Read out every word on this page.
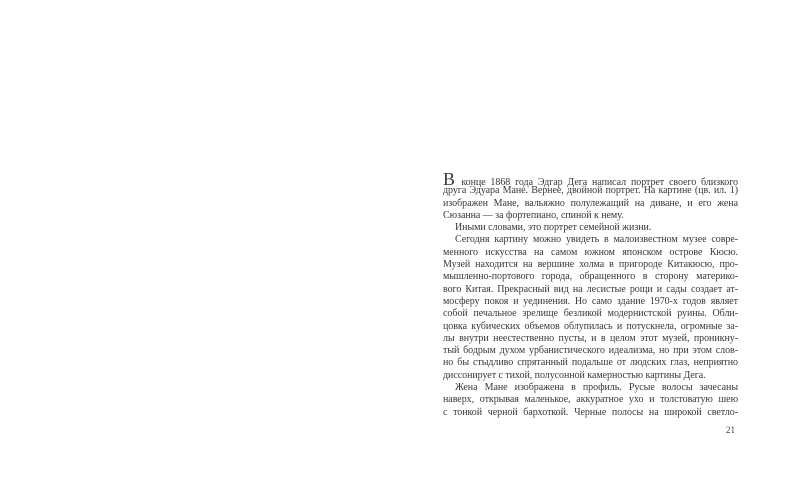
В конце 1868 года Эдгар Дега написал портрет своего близкого
друга Эдуара Мане. Вернее, двойной портрет. На картине (цв. ил. 1)
изображен Мане, вальяжно полулежащий на диване, и его жена
Сюзанна — за фортепиано, спиной к нему.
Иными словами, это портрет семейной жизни.
Сегодня картину можно увидеть в малоизвестном музее совре-
менного искусства на самом южном японском острове Кюсю.
Музей находится на вершине холма в пригороде Китакюсю, про-
мышленно-портового города, обращенного в сторону материко-
вого Китая. Прекрасный вид на лесистые рощи и сады создает ат-
мосферу покоя и уединения. Но само здание 1970-х годов являет
собой печальное зрелище безликой модернистской руины. Обли-
цовка кубических объемов облупилась и потускнела, огромные за-
лы внутри неестественно пусты, и в целом этот музей, проникну-
тый бодрым духом урбанистического идеализма, но при этом слов-
но бы стыдливо спрятанный подальше от людских глаз, неприятно
диссонирует с тихой, полусонной камерностью картины Дега.
Жена Мане изображена в профиль. Русые волосы зачесаны
наверх, открывая маленькое, аккуратное ухо и толстоватую шею
с тонкой черной бархоткой. Черные полосы на широкой светло-
21
